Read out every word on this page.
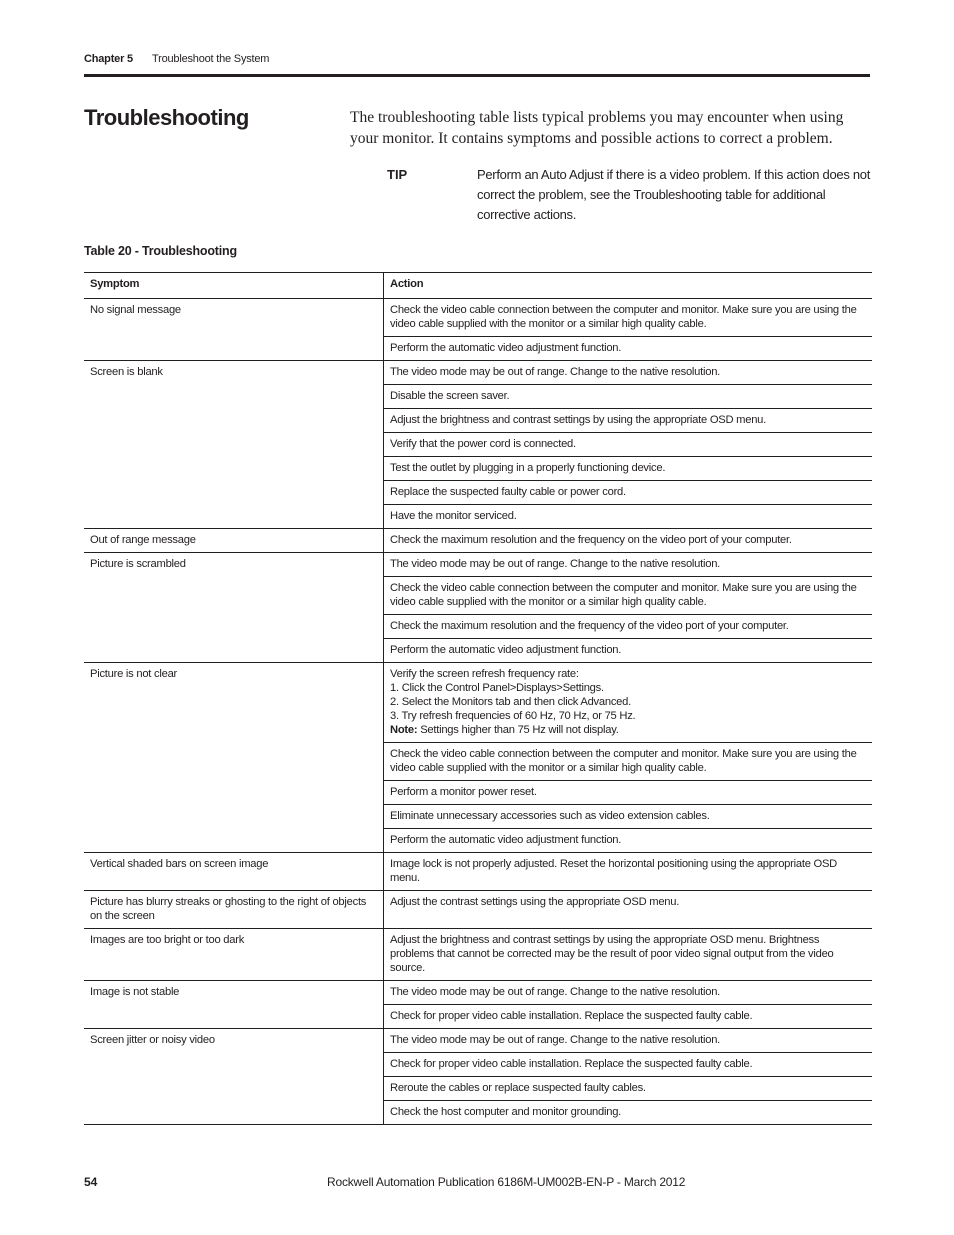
Chapter 5 Troubleshoot the System
Troubleshooting	The troubleshooting table lists typical problems you may encounter when using your monitor. It contains symptoms and possible actions to correct a problem.
TIP	Perform an Auto Adjust if there is a video problem. If this action does not correct the problem, see the Troubleshooting table for additional corrective actions.
Table 20 - Troubleshooting
Symptom	Action
No signal message	Check the video cable connection between the computer and monitor. Make sure you are using the video cable supplied with the monitor or a similar high quality cable.
	Perform the automatic video adjustment function.
Screen is blank	The video mode may be out of range. Change to the native resolution.
	Disable the screen saver.
	Adjust the brightness and contrast settings by using the appropriate OSD menu.
	Verify that the power cord is connected.
	Test the outlet by plugging in a properly functioning device.
	Replace the suspected faulty cable or power cord.
	Have the monitor serviced.
Out of range message	Check the maximum resolution and the frequency on the video port of your computer.
Picture is scrambled	The video mode may be out of range. Change to the native resolution.
	Check the video cable connection between the computer and monitor. Make sure you are using the video cable supplied with the monitor or a similar high quality cable.
	Check the maximum resolution and the frequency of the video port of your computer.
	Perform the automatic video adjustment function.
Picture is not clear	Verify the screen refresh frequency rate:
1. Click the Control Panel>Displays>Settings.
2. Select the Monitors tab and then click Advanced.
3. Try refresh frequencies of 60 Hz, 70 Hz, or 75 Hz.
Note: Settings higher than 75 Hz will not display.

	Check the video cable connection between the computer and monitor. Make sure you are using the video cable supplied with the monitor or a similar high quality cable.
	Perform a monitor power reset.
	Eliminate unnecessary accessories such as video extension cables.
	Perform the automatic video adjustment function.
Vertical shaded bars on screen image	Image lock is not properly adjusted. Reset the horizontal positioning using the appropriate OSD menu.
Picture has blurry streaks or ghosting to the right of objects on the screen	Adjust the contrast settings using the appropriate OSD menu.
Images are too bright or too dark	Adjust the brightness and contrast settings by using the appropriate OSD menu. Brightness problems that cannot be corrected may be the result of poor video signal output from the video source.
Image is not stable	The video mode may be out of range. Change to the native resolution.
	Check for proper video cable installation. Replace the suspected faulty cable.
Screen jitter or noisy video	The video mode may be out of range. Change to the native resolution.
	Check for proper video cable installation. Replace the suspected faulty cable.
	Reroute the cables or replace suspected faulty cables.
	Check the host computer and monitor grounding.
54	Rockwell Automation Publication 6186M-UM002B-EN-P - March 2012
